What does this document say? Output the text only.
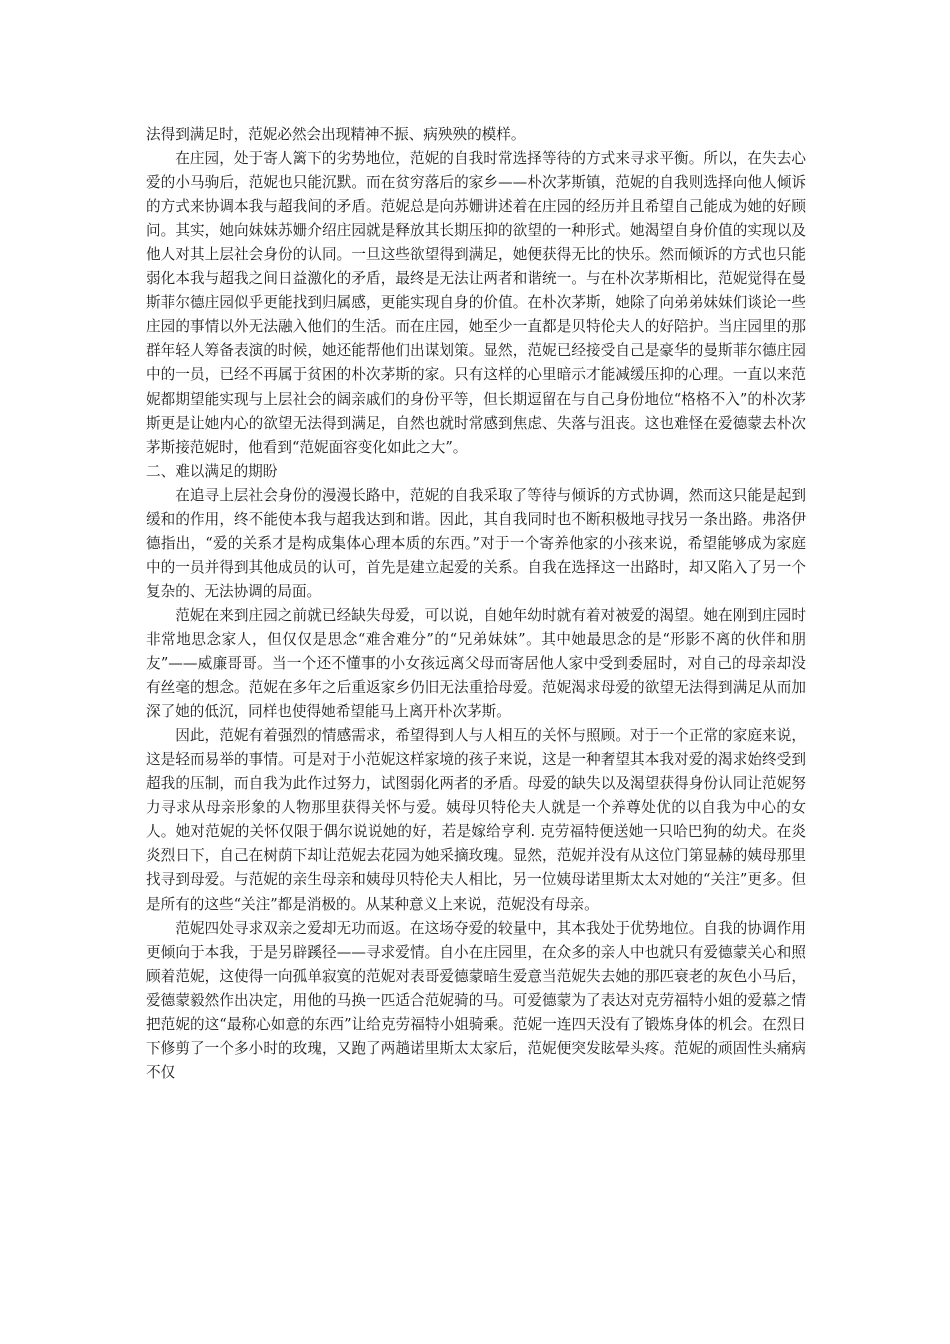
法得到满足时，范妮必然会出现精神不振、病殃殃的模样。

在庄园，处于寄人篱下的劣势地位，范妮的自我时常选择等待的方式来寻求平衡。所以，在失去心爱的小马驹后，范妮也只能沉默。而在贫穷落后的家乡——朴次茅斯镇，范妮的自我则选择向他人倾诉的方式来协调本我与超我间的矛盾。范妮总是向苏姗讲述着在庄园的经历并且希望自己能成为她的好顾问。其实，她向妹妹苏姗介绍庄园就是释放其长期压抑的欲望的一种形式。她渴望自身价值的实现以及他人对其上层社会身份的认同。一旦这些欲望得到满足，她便获得无比的快乐。然而倾诉的方式也只能弱化本我与超我之间日益激化的矛盾，最终是无法让两者和谐统一。与在朴次茅斯相比，范妮觉得在曼斯菲尔德庄园似乎更能找到归属感，更能实现自身的价值。在朴次茅斯，她除了向弟弟妹妹们谈论一些庄园的事情以外无法融入他们的生活。而在庄园，她至少一直都是贝特伦夫人的好陪护。当庄园里的那群年轻人筹备表演的时候，她还能帮他们出谋划策。显然，范妮已经接受自己是豪华的曼斯菲尔德庄园中的一员，已经不再属于贫困的朴次茅斯的家。只有这样的心里暗示才能减缓压抑的心理。一直以来范妮都期望能实现与上层社会的阔亲戚们的身份平等，但长期逗留在与自己身份地位“格格不入”的朴次茅斯更是让她内心的欲望无法得到满足，自然也就时常感到焦虑、失落与沮丧。这也难怪在爱德蒙去朴次茅斯接范妮时，他看到“范妮面容变化如此之大”。

二、难以满足的期盼

在追寻上层社会身份的漫漫长路中，范妮的自我采取了等待与倾诉的方式协调，然而这只能是起到缓和的作用，终不能使本我与超我达到和谐。因此，其自我同时也不断积极地寻找另一条出路。弗洛伊德指出，“爱的关系才是构成集体心理本质的东西。”对于一个寄养他家的小孩来说，希望能够成为家庭中的一员并得到其他成员的认可，首先是建立起爱的关系。自我在选择这一出路时，却又陷入了另一个复杂的、无法协调的局面。

范妮在来到庄园之前就已经缺失母爱，可以说，自她年幼时就有着对被爱的渴望。她在刚到庄园时非常地思念家人，但仅仅是思念“难舍难分”的“兄弟妹妹”。其中她最思念的是“形影不离的伙伴和朋友”——威廉哥哥。当一个还不懂事的小女孩远离父母而寄居他人家中受到委屈时，对自己的母亲却没有丝毫的想念。范妮在多年之后重返家乡仍旧无法重拾母爱。范妮渴求母爱的欲望无法得到满足从而加深了她的低沉，同样也使得她希望能马上离开朴次茅斯。

因此，范妮有着强烈的情感需求，希望得到人与人相互的关怀与照顾。对于一个正常的家庭来说，这是轻而易举的事情。可是对于小范妮这样家境的孩子来说，这是一种奢望其本我对爱的渴求始终受到超我的压制，而自我为此作过努力，试图弱化两者的矛盾。母爱的缺失以及渴望获得身份认同让范妮努力寻求从母亲形象的人物那里获得关怀与爱。姨母贝特伦夫人就是一个养尊处优的以自我为中心的女人。她对范妮的关怀仅限于偶尔说说她的好，若是嫁给亨利. 克劳福特便送她一只哈巴狗的幼犬。在炎炎烈日下，自己在树荫下却让范妮去花园为她采摘玫瑰。显然，范妮并没有从这位门第显赫的姨母那里找寻到母爱。与范妮的亲生母亲和姨母贝特伦夫人相比，另一位姨母诺里斯太太对她的“关注”更多。但是所有的这些“关注”都是消极的。从某种意义上来说，范妮没有母亲。

范妮四处寻求双亲之爱却无功而返。在这场夺爱的较量中，其本我处于优势地位。自我的协调作用更倾向于本我，于是另辟蹊径——寻求爱情。自小在庄园里，在众多的亲人中也就只有爱德蒙关心和照顾着范妮，这使得一向孤单寂寞的范妮对表哥爱德蒙暗生爱意当范妮失去她的那匹衰老的灰色小马后，爱德蒙毅然作出决定，用他的马换一匹适合范妮骑的马。可爱德蒙为了表达对克劳福特小姐的爱慕之情把范妮的这“最称心如意的东西”让给克劳福特小姐骑乘。范妮一连四天没有了锻炼身体的机会。在烈日下修剪了一个多小时的玫瑰，又跑了两趟诺里斯太太家后，范妮便突发眩晕头疼。范妮的顽固性头痛病不仅
